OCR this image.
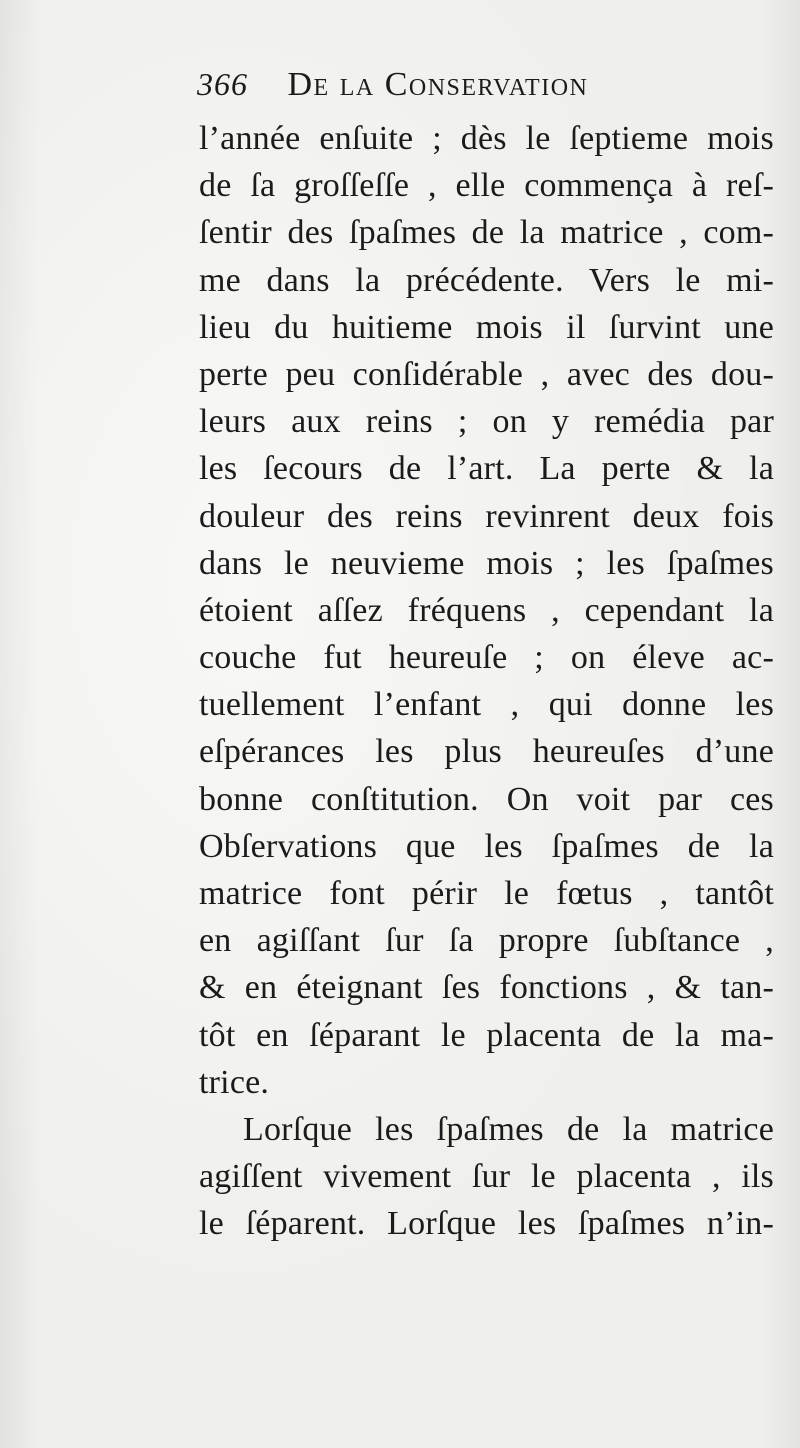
366 De la Conservation
l’année enſuite ; dès le ſeptieme mois
de ſa groſſeſſe , elle commença à reſ-
ſentir des ſpaſmes de la matrice , com-
me dans la précédente. Vers le mi-
lieu du huitieme mois il ſurvint une
perte peu conſidérable , avec des dou-
leurs aux reins ; on y remédia par
les ſecours de l’art. La perte & la
douleur des reins revinrent deux fois
dans le neuvieme mois ; les ſpaſmes
étoient aſſez fréquens , cependant la
couche fut heureuſe ; on éleve ac-
tuellement l’enfant , qui donne les
eſpérances les plus heureuſes d’une
bonne conſtitution. On voit par ces
Obſervations que les ſpaſmes de la
matrice font périr le fœtus , tantôt
en agiſſant ſur ſa propre ſubſtance ,
& en éteignant ſes fonctions , & tan-
tôt en ſéparant le placenta de la ma-
trice.
Lorſque les ſpaſmes de la matrice
agiſſent vivement ſur le placenta , ils
le ſéparent. Lorſque les ſpaſmes n’in-
